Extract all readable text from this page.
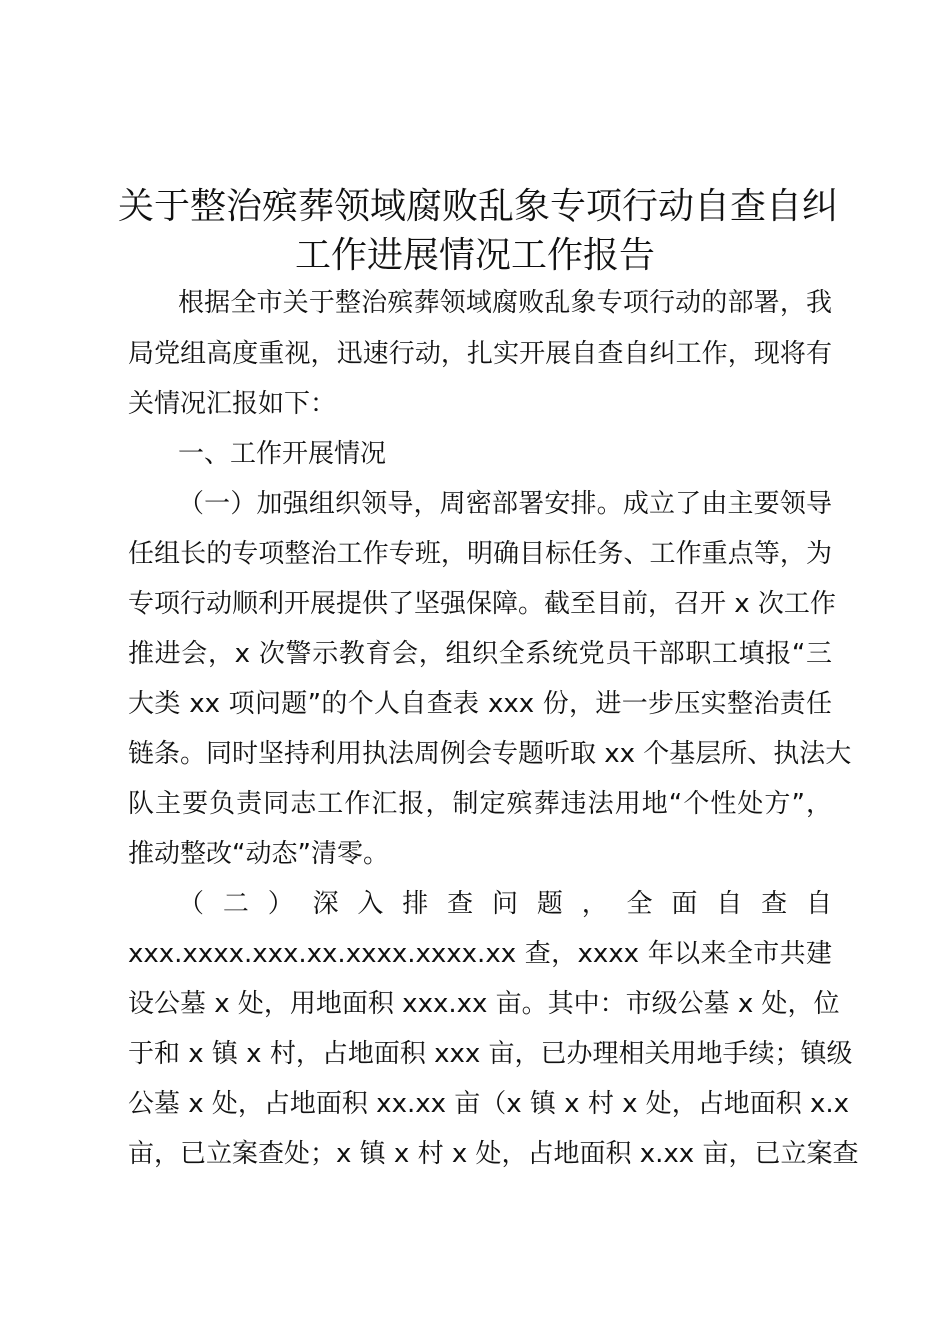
关于整治殡葬领域腐败乱象专项行动自查自纠
工作进展情况工作报告
根据全市关于整治殡葬领域腐败乱象专项行动的部署，我
局党组高度重视，迅速行动，扎实开展自查自纠工作，现将有
关情况汇报如下：
一、工作开展情况
（一）加强组织领导，周密部署安排。成立了由主要领导
任组长的专项整治工作专班，明确目标任务、工作重点等，为
专项行动顺利开展提供了坚强保障。截至目前，召开 x 次工作
推进会，x 次警示教育会，组织全系统党员干部职工填报“三
大类 xx 项问题”的个人自查表 xxx 份，进一步压实整治责任
链条。同时坚持利用执法周例会专题听取 xx 个基层所、执法大
队主要负责同志工作汇报，制定殡葬违法用地“个性处方”，
推动整改“动态”清零。
（二）深入排查问题，全面自查自
xxx.xxxx.xxx.xx.xxxx.xxxx.xx 查，xxxx 年以来全市共建
设公墓 x 处，用地面积 xxx.xx 亩。其中：市级公墓 x 处，位
于和 x 镇 x 村，占地面积 xxx 亩，已办理相关用地手续；镇级
公墓 x 处，占地面积 xx.xx 亩（x 镇 x 村 x 处，占地面积 x.x
亩，已立案查处；x 镇 x 村 x 处，占地面积 x.xx 亩，已立案查
